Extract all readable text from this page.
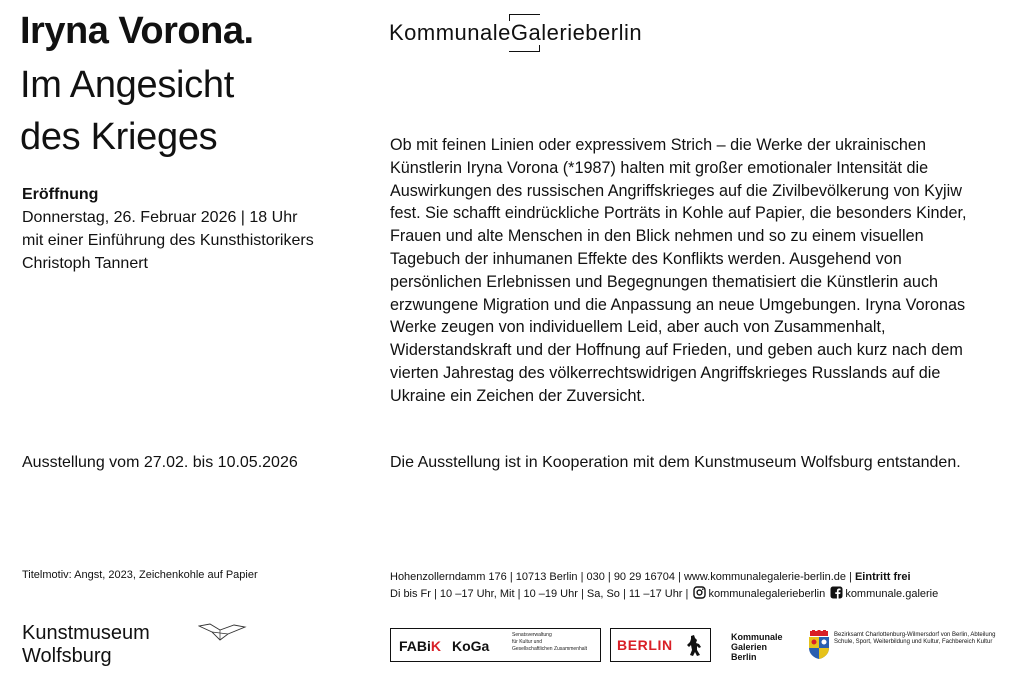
Iryna Vorona.
Im Angesicht
des Krieges
Kommunale
Galerieberlin
Eröffnung
Donnerstag, 26. Februar 2026 | 18 Uhr
mit einer Einführung des Kunsthistorikers
Christoph Tannert

Ob mit feinen Linien oder expressivem Strich – die Werke der ukrainischen Künstlerin Iryna Vorona (*1987) halten mit großer emotionaler Intensität die Auswirkungen des russischen Angriffskrieges auf die Zivilbevölkerung von Kyjiw fest. Sie schafft eindrückliche Porträts in Kohle auf Papier, die besonders Kinder, Frauen und alte Menschen in den Blick nehmen und so zu einem visuellen Tagebuch der inhumanen Effekte des Konflikts werden. Ausgehend von persönlichen Erlebnissen und Begegnungen thematisiert die Künstlerin auch erzwungene Migration und die Anpassung an neue Umgebungen. Iryna Voronas Werke zeugen von individuellem Leid, aber auch von Zusammenhalt, Widerstandskraft und der Hoffnung auf Frieden, und geben auch kurz nach dem vierten Jahrestag des völkerrechtswidrigen Angriffskrieges Russlands auf die Ukraine ein Zeichen der Zuversicht.

Ausstellung vom 27.02. bis 10.05.2026	Die Ausstellung ist in Kooperation mit dem Kunstmuseum Wolfsburg entstanden.
Titelmotiv: Angst, 2023, Zeichenkohle auf Papier	Hohenzollerndamm 176 | 10713 Berlin | 030 | 90 29 16704 | www.kommunalegalerie-berlin.de | Eintritt frei
Di bis Fr | 10 –17 Uhr, Mit | 10 –19 Uhr | Sa, So | 11 –17 Uhr | kommunalegalerieberlin kommunale.galerie
Kunstmuseum
Wolfsburg	FABiK KoGa
Senatsverwaltung
für Kultur und
Gesellschaftlichen Zusammenhalt	BERLIN	Kommunale
Galerien
Berlin
Bezirksamt Charlottenburg-Wilmersdorf von Berlin, Abteilung Schule, Sport, Weiterbildung und Kultur, Fachbereich Kultur
